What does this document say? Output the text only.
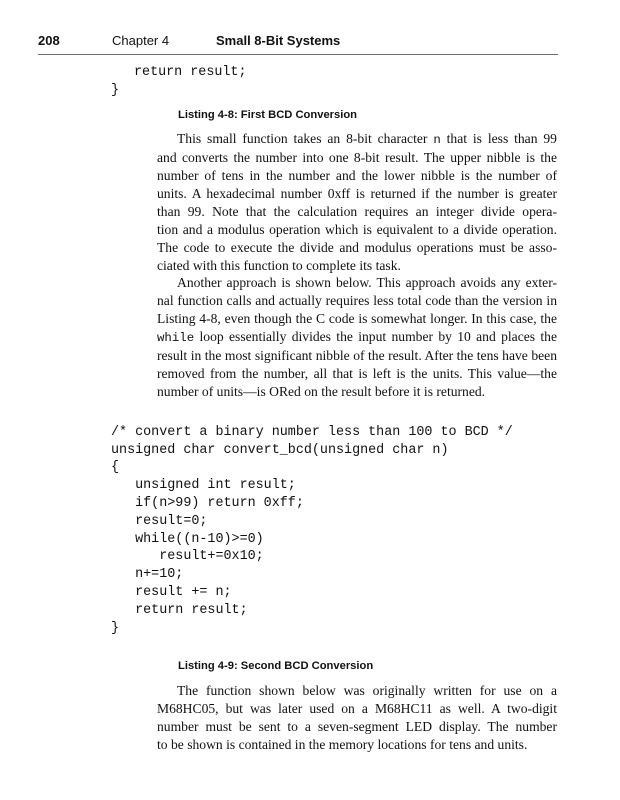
208	Chapter 4	Small 8-Bit Systems
return result;
}
Listing 4-8: First BCD Conversion
This small function takes an 8-bit character n that is less than 99
and converts the number into one 8-bit result. The upper nibble is the
number of tens in the number and the lower nibble is the number of
units. A hexadecimal number 0xff is returned if the number is greater
than 99. Note that the calculation requires an integer divide opera-
tion and a modulus operation which is equivalent to a divide operation.
The code to execute the divide and modulus operations must be asso-
ciated with this function to complete its task.
Another approach is shown below. This approach avoids any exter-
nal function calls and actually requires less total code than the version in
Listing 4-8, even though the C code is somewhat longer. In this case, the
while loop essentially divides the input number by 10 and places the
result in the most significant nibble of the result. After the tens have been
removed from the number, all that is left is the units. This value—the
number of units—is ORed on the result before it is returned.

/* convert a binary number less than 100 to BCD */
unsigned char convert_bcd(unsigned char n)
{
unsigned int result;
if(n>99) return 0xff;
result=0;
while((n-10)>=0)
result+=0x10;
n+=10;
result += n;
return result;
}

Listing 4-9: Second BCD Conversion
The function shown below was originally written for use on a
M68HC05, but was later used on a M68HC11 as well. A two-digit
number must be sent to a seven-segment LED display. The number
to be shown is contained in the memory locations for tens and units.
